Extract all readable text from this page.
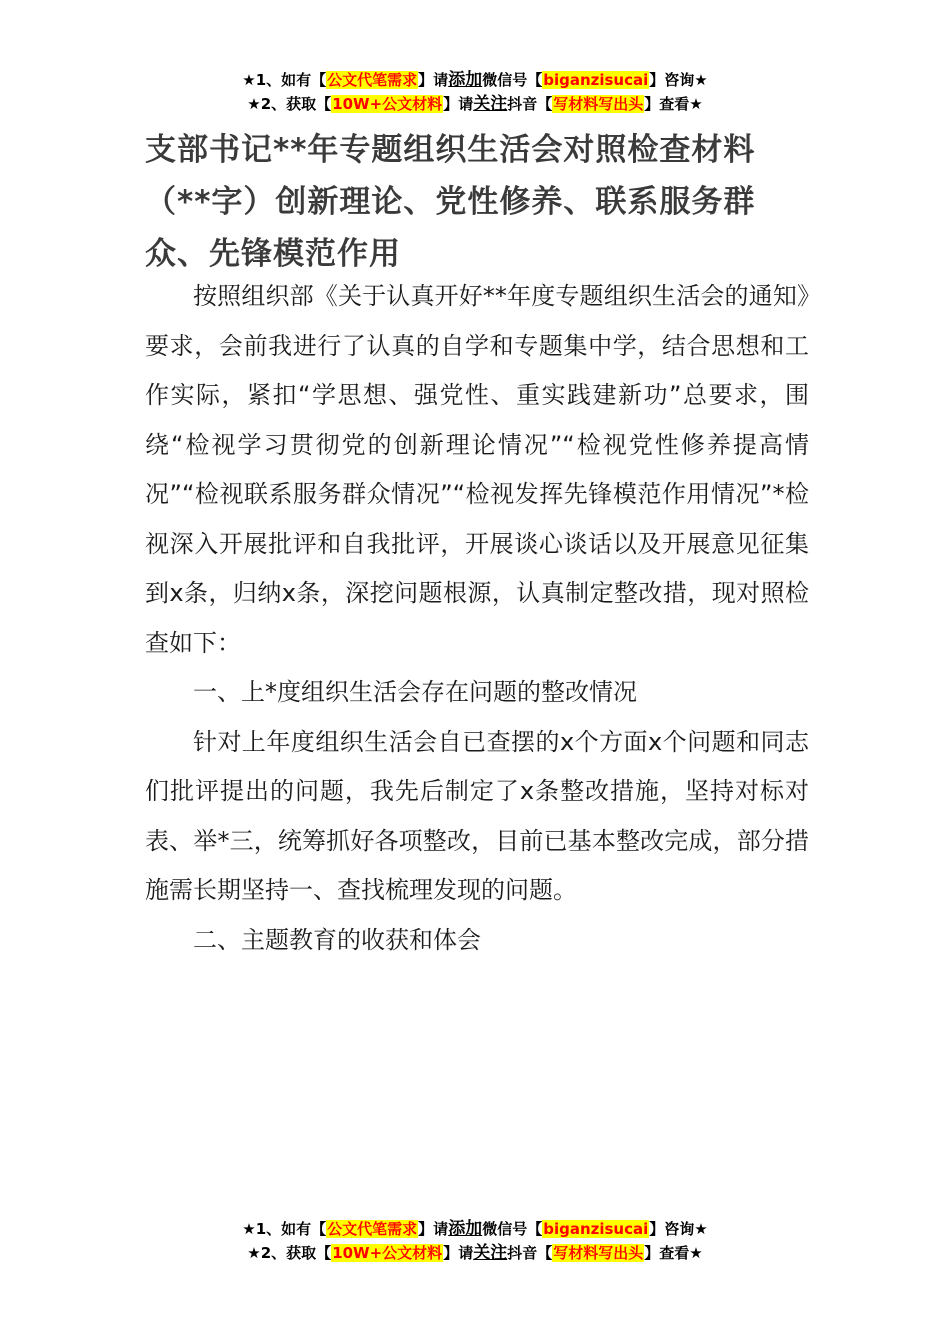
★1、如有【公文代笔需求】请添加微信号【biganzisucai】咨询★
★2、获取【10W+公文材料】请关注抖音【写材料写出头】查看★
支部书记**年专题组织生活会对照检查材料（**字）创新理论、党性修养、联系服务群众、先锋模范作用

按照组织部《关于认真开好**年度专题组织生活会的通知》要求，会前我进行了认真的自学和专题集中学，结合思想和工作实际，紧扣“学思想、强党性、重实践建新功”总要求，围绕“检视学习贯彻党的创新理论情况”“检视党性修养提高情况”“检视联系服务群众情况”“检视发挥先锋模范作用情况”*检视深入开展批评和自我批评，开展谈心谈话以及开展意见征集到x条，归纳x条，深挖问题根源，认真制定整改措，现对照检查如下：

一、上*度组织生活会存在问题的整改情况

针对上年度组织生活会自已查摆的x个方面x个问题和同志们批评提出的问题，我先后制定了x条整改措施，坚持对标对表、举*三，统筹抓好各项整改，目前已基本整改完成，部分措施需长期坚持一、查找梳理发现的问题。

二、主题教育的收获和体会

★1、如有【公文代笔需求】请添加微信号【biganzisucai】咨询★
★2、获取【10W+公文材料】请关注抖音【写材料写出头】查看★
